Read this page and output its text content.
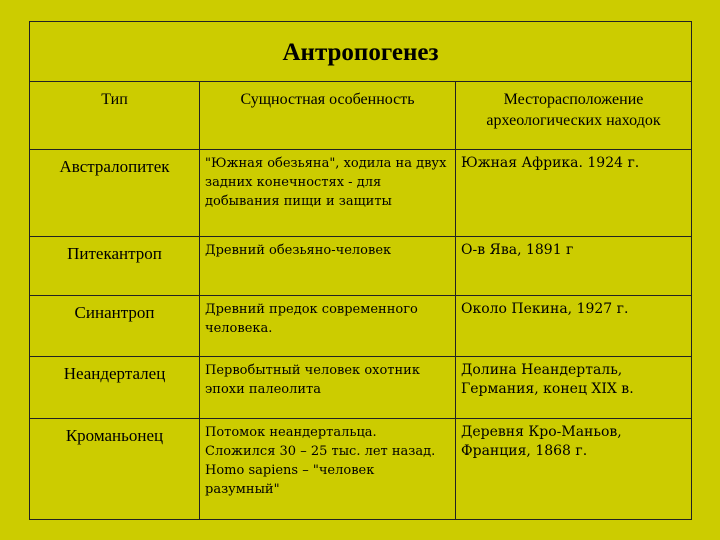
Антропогенез		
Тип	Сущностная особенность	Месторасположение археологических находок
Австралопитек	"Южная обезьяна", ходила на двух задних конечностях - для добывания пищи и защиты	Южная Африка. 1924 г.
Питекантроп	Древний обезьяно-человек	О-в Ява, 1891 г
Синантроп	Древний предок современного человека.	Около Пекина, 1927 г.
Неандерталец	Первобытный человек охотник эпохи палеолита	Долина Неандерталь, Германия, конец XIX в.
Кроманьонец	Потомок неандертальца. Сложился 30 – 25 тыс. лет назад. Homo sapiens – "человек разумный"	Деревня Кро-Маньов, Франция, 1868 г.
